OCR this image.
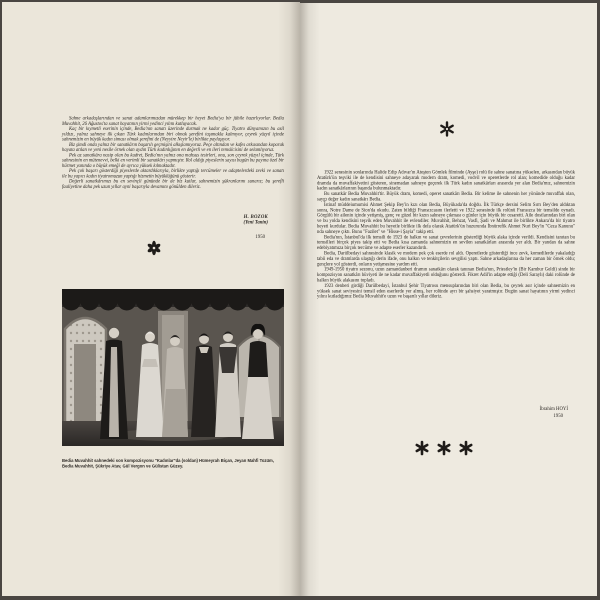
Sahne arkadaşlarından ve sanat adamlarımızdan mürekkep bir heyet Bedia'ya bir jübile hazırlıyorlar. Bedia Muvahhit, 26 Ağustos'ta sanat hayatının yirmi yedinci yılını kutluyacak.

Kaç bir kıymetli eserinin içinde, Bedia'nın sanatı üzerinde durmak ne kadar güç. Tiyatro dünyamızın bu asil yıldızı, yalnız sahneye ilk çıkan Türk kadınlarından biri olmak şerefini taşımakla kalmıyor, çeyrek yüzyıl içinde sahnemizin en büyük kadın siması olmak şerefini de (Neyyire Neyir'le) birlikte paylaşıyor.

Biz şimdi onda yalnız bir sanatkârın başarılı geçmişini alkışlamıyoruz. Peçe altından ve kafes arkasından koparak hayata atılan ve yeni nesile örnek olan aydın Türk kadınlığının en değerli ve en ileri temsilcisini de selamlıyoruz.

Pek az sanatkâra nasip olan bu kudret, Bedia'nın yalnız ona mahsus tesirleri, onu, son çeyrek yüzyıl içinde, Türk sahnesinin en mütenevvi, belki en verimli bir sanatkârı yapmıştır. Rol aldığı piyeslerin sayısı bugün bu payına özel bir hürmet yanında o büyük emeği de ayrıca yüksek kılmaktadır.

Pek çok başarı gösterdiği piyeslerde aktardıklarıyla, birlikte yaptığı tercümeler ve adaptelerdeki zevki ve sanatı ile bu yapıcı kadın tiyatromuzun yaptığı hizmetin büyüklüğünü gösterir.

Değerli sanatkârımızı bu en sevinçli gününde bir de biz kutlar, sahnemizin şükranlarını sunarız; bu şerefli faaliyetine daha pek uzun yıllar ayni başarıyla devamını gönülden dileriz.

H. BOZOK
(Yeni Tanin)
1950
Bedia Muvahhit sahnedeki son kompozisyonu "Kadınlar"da (soldan) Hümeyrah Biçan, Jeyan Mahfi Tozüm, Bedia Muvahhit, Şükriye Atav, Gül Vergon ve Gülistan Güzey.

1922 senesinin sonlarında Halide Edip Adıvar'ın Ateşten Gömlek filminde (Ayşe) rolü ile sahne sanatına yükselen, arkasından büyük Atatürk'ün teşviki ile de kendisini sahneye adayarak modern dram, komedi, vodvil ve operetlerde rol alan; komedide olduğu kadar dramda da muvaffakiyetini gösteren, sinemadan sahneye geçerek ilk Türk kadın sanatkârları arasında yer alan Bedia'mız, sahnemizin kadın sanatkârlarının başında bulunmaktadır.

Bu sanatkâr Bedia Muvahhit'tir. Büyük dram, komedi, operet sanatkârı Bedia. Bir kelime ile sahnenin her yönünde muvaffak olan, saygı değer kadın sanatkârı Bedia.

İstinaf müddeiumumisi Ahmet Şekip Bey'in kızı olan Bedia, Büyükada'da doğdu. İlk Türkçe dersini Selim Sırrı Bey'den aldıktan sonra, Notre Dame de Sion'da okudu. Zaten bildiği Fransızcasını ilerletti ve 1922 senesinde ilk rolünü Fransızca bir temsilde oynadı. Görgülü bir ailenin içinde yetişmiş, genç ve güzel bir kızın sahneye çıkması o günler için büyük bir cesaretti. Aile dostlarından biri olan ve bu yolda kendisini teşvik eden Muvahhit ile evlendiler. Muvahhit, Behzat, Vasfi, Şadi ve Mahmut ile birlikte Ankara'da bir tiyatro heyeti kurdular. Bedia Muvahhit bu heyetle birlikte ilk defa olarak Atatürk'ün huzurunda İbnürrefik Ahmet Nuri Bey'in "Ceza Kanunu" nda sahneye çıktı. Bunu "Fazilet" ve "Hisse-i Şayia" takip etti.

Bedia'nın, İstanbul'da ilk temsili de 1923 de halkın ve sanat çevrelerinin gösterdiği büyük alaka içinde verildi. Kendisini tanıtan bu temsilleri birçok piyes takip etti ve Bedia kısa zamanda sahnemizin en sevilen sanatkârları arasında yer aldı. Bir yandan da sahne edebiyatımıza birçok tercüme ve adapte eserler kazandırdı.

Bedia, Darülbedayi sahnesinde klasik ve modern pek çok eserde rol aldı. Operetlerde gösterdiği ince zevk, komedilerde yakaladığı tabii eda ve dramlarda ulaştığı derin ifade, onu halkın ve tenkitçilerin sevgilisi yaptı. Sahne arkadaşlarına da her zaman bir örnek oldu; gençlere yol gösterdi, onların yetişmesine yardım etti.

1949-1950 tiyatro sezonu, uzun zamandanberi dramın sanatkârı olarak tanınan Bedia'nın, Priestley'in (Bir Kambur Geldi) sinde bir kompozisyon sanatkârı hüviyeti ile ne kadar muvaffakiyetli olduğunu gösterdi. Fikret Adil'in adapte ettiği (Deli Saraylı) daki rolünde de halkın büyük alakasını topladı.

1923 denberi girdiği Darülbedayi, İstanbul Şehir Tiyatrosu mensuplarından biri olan Bedia, bu çeyrek asır içinde sahnemizin en yüksek sanat seviyesini temsil eden eserlerde yer almış, her rolünde ayrı bir şahsiyet yaratmıştır. Bugün sanat hayatının yirmi yedinci yılını kutladığımız Bedia Muvahhit'e uzun ve başarılı yıllar dileriz.

İbrahim HOYİ
1950
